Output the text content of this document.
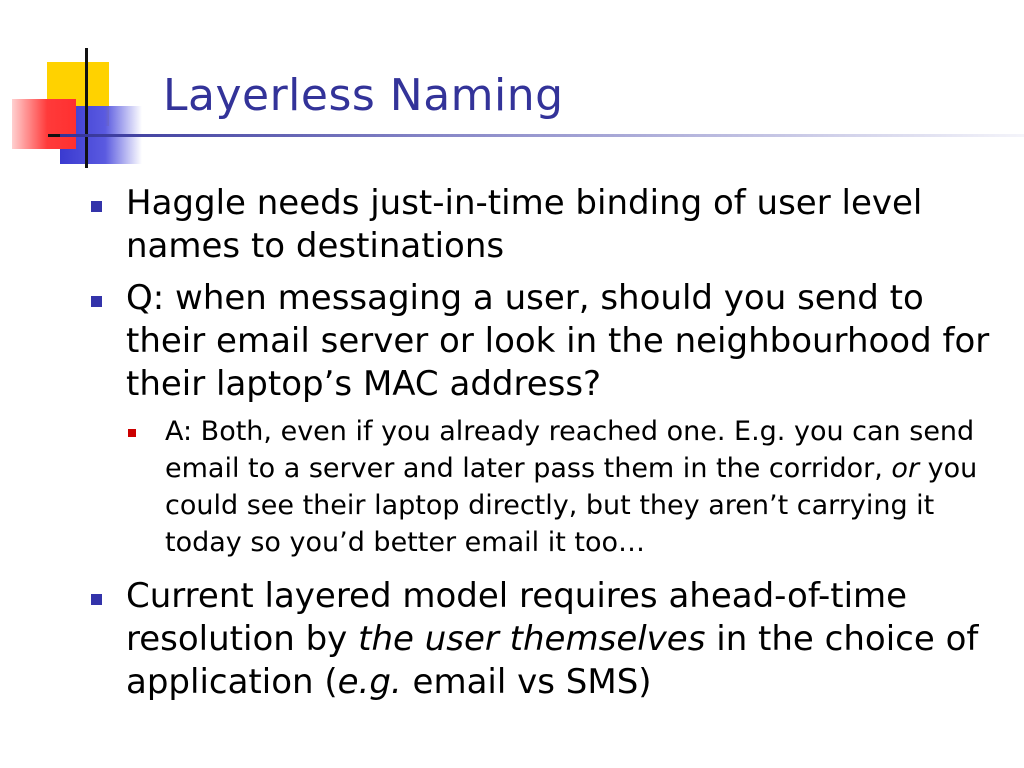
Layerless Naming
Haggle needs just-in-time binding of user level names to destinations
Q: when messaging a user, should you send to their email server or look in the neighbourhood for their laptop’s MAC address?
A: Both, even if you already reached one. E.g. you can send email to a server and later pass them in the corridor, or you could see their laptop directly, but they aren’t carrying it today so you’d better email it too…
Current layered model requires ahead-of-time resolution by the user themselves in the choice of application (e.g. email vs SMS)
